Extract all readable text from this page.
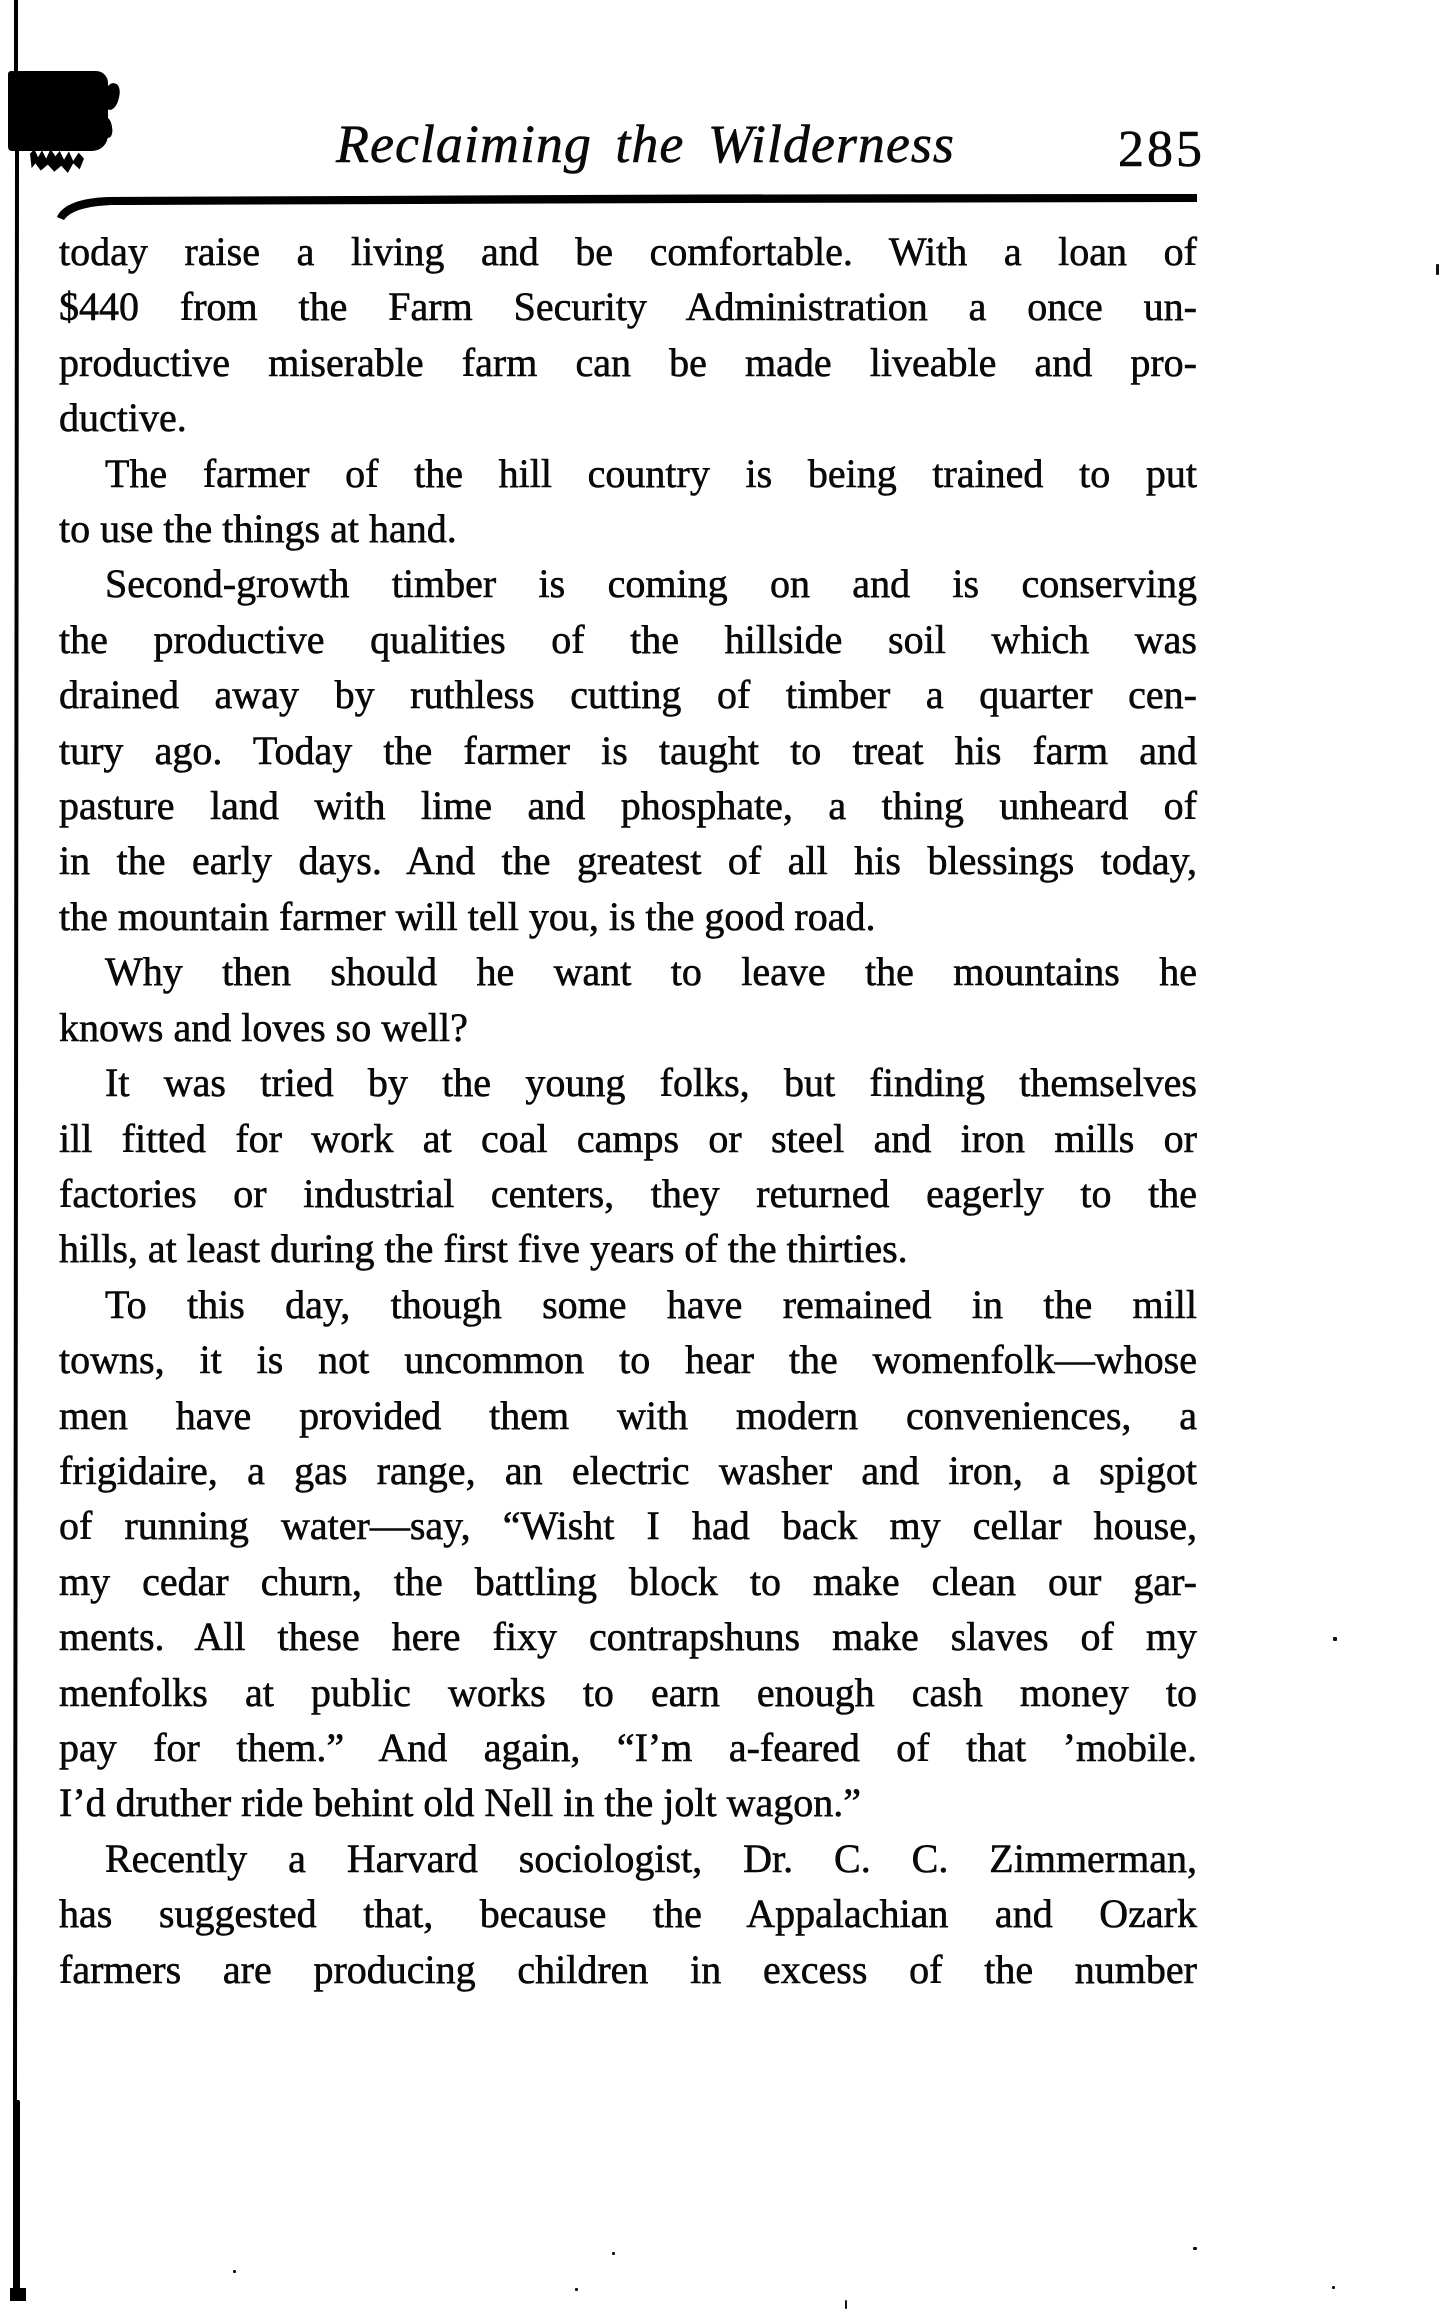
Reclaiming the Wilderness	285
today raise a living and be comfortable. With a loan of
$440 from the Farm Security Administration a once un-
productive miserable farm can be made liveable and pro-
ductive.
The farmer of the hill country is being trained to put
to use the things at hand.
Second-growth timber is coming on and is conserving
the productive qualities of the hillside soil which was
drained away by ruthless cutting of timber a quarter cen-
tury ago. Today the farmer is taught to treat his farm and
pasture land with lime and phosphate, a thing unheard of
in the early days. And the greatest of all his blessings today,
the mountain farmer will tell you, is the good road.
Why then should he want to leave the mountains he
knows and loves so well?
It was tried by the young folks, but finding themselves
ill fitted for work at coal camps or steel and iron mills or
factories or industrial centers, they returned eagerly to the
hills, at least during the first five years of the thirties.
To this day, though some have remained in the mill
towns, it is not uncommon to hear the womenfolk—whose
men have provided them with modern conveniences, a
frigidaire, a gas range, an electric washer and iron, a spigot
of running water—say, “Wisht I had back my cellar house,
my cedar churn, the battling block to make clean our gar-
ments. All these here fixy contrapshuns make slaves of my
menfolks at public works to earn enough cash money to
pay for them.” And again, “I’m a-feared of that ’mobile.
I’d druther ride behint old Nell in the jolt wagon.”
Recently a Harvard sociologist, Dr. C. C. Zimmerman,
has suggested that, because the Appalachian and Ozark
farmers are producing children in excess of the number
